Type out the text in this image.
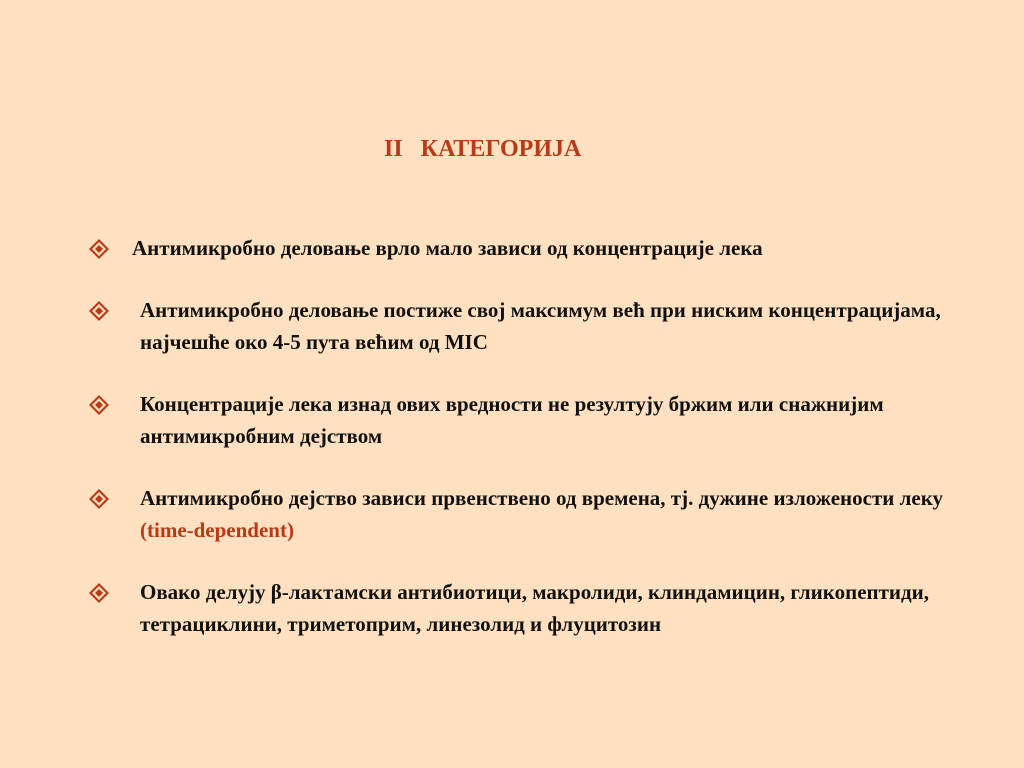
II   КАТЕГОРИЈА
Антимикробно деловање врло мало зависи од концентрације лека
Антимикробно деловање постиже свој максимум већ при ниским концентрацијама, најчешће око 4-5 пута већим од MIC
Концентрације лека изнад ових вредности не резултују бржим или снажнијим антимикробним дејством
Антимикробно дејство зависи првенствено од времена, тј. дужине изложености леку (time-dependent)
Овако делују β-лактамски антибиотици, макролиди, клиндамицин, гликопептиди, тетрациклини, триметоприм, линезолид и флуцитозин
